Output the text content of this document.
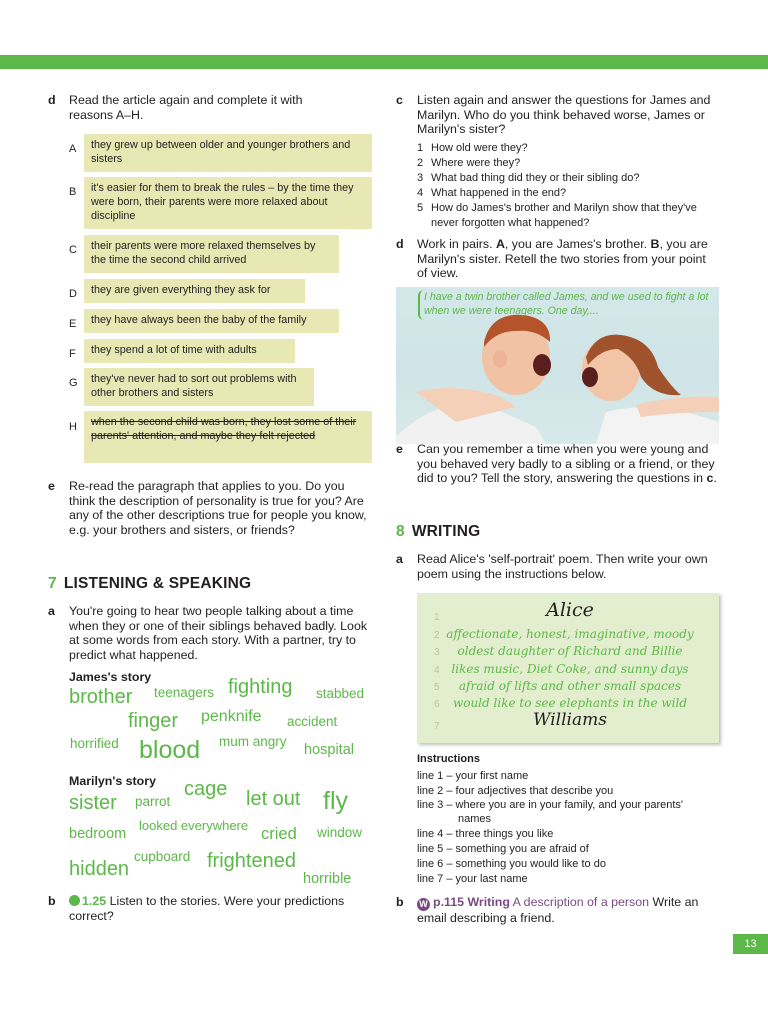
d Read the article again and complete it with reasons A–H.
A	they grew up between older and younger brothers and sisters
B	it's easier for them to break the rules – by the time they were born, their parents were more relaxed about discipline
C	their parents were more relaxed themselves by the time the second child arrived
D	they are given everything they ask for
E	they have always been the baby of the family
F	they spend a lot of time with adults
G	they've never had to sort out problems with other brothers and sisters
H	when the second child was born, they lost some of their parents' attention, and maybe they felt rejected
e Re-read the paragraph that applies to you. Do you think the description of personality is true for you? Are any of the other descriptions true for people you know, e.g. your brothers and sisters, or friends?
7 LISTENING & SPEAKING
a You're going to hear two people talking about a time when they or one of their siblings behaved badly. Look at some words from each story. With a partner, try to predict what happened.
James's story
brother teenagers fighting stabbed
finger penknife accident
horrified blood mum angry
hospital
Marilyn's story
sister parrot
cage let out fly
bedroom
looked everywhere cried window
hidden
cupboard frightened
horrible
b	1.25 Listen to the stories. Were your predictions correct?
c Listen again and answer the questions for James and Marilyn. Who do you think behaved worse, James or Marilyn's sister?
1 How old were they?
2 Where were they?
3 What bad thing did they or their sibling do?
4 What happened in the end?
5 How do James's brother and Marilyn show that they've never forgotten what happened?
d Work in pairs. A, you are James's brother. B, you are Marilyn's sister. Retell the two stories from your point of view.
I have a twin brother called James, and we used to fight a lot when we were teenagers. One day,...
e Can you remember a time when you were young and you behaved very badly to a sibling or a friend, or they did to you? Tell the story, answering the questions in c.
8 WRITING
a Read Alice's 'self-portrait' poem. Then write your own poem using the instructions below.
1	Alice
2 affectionate, honest, imaginative, moody
3	oldest daughter of Richard and Billie
4 likes music, Diet Coke, and sunny days
5	afraid of lifts and other small spaces
6	would like to see elephants in the wild
7	Williams
Instructions
line 1 – your first name
line 2 – four adjectives that describe you
line 3 – where you are in your family, and your parents'
names
line 4 – three things you like
line 5 – something you are afraid of
line 6 – something you would like to do
line 7 – your last name
b W p.115 Writing A description of a person Write an email describing a friend.
13
